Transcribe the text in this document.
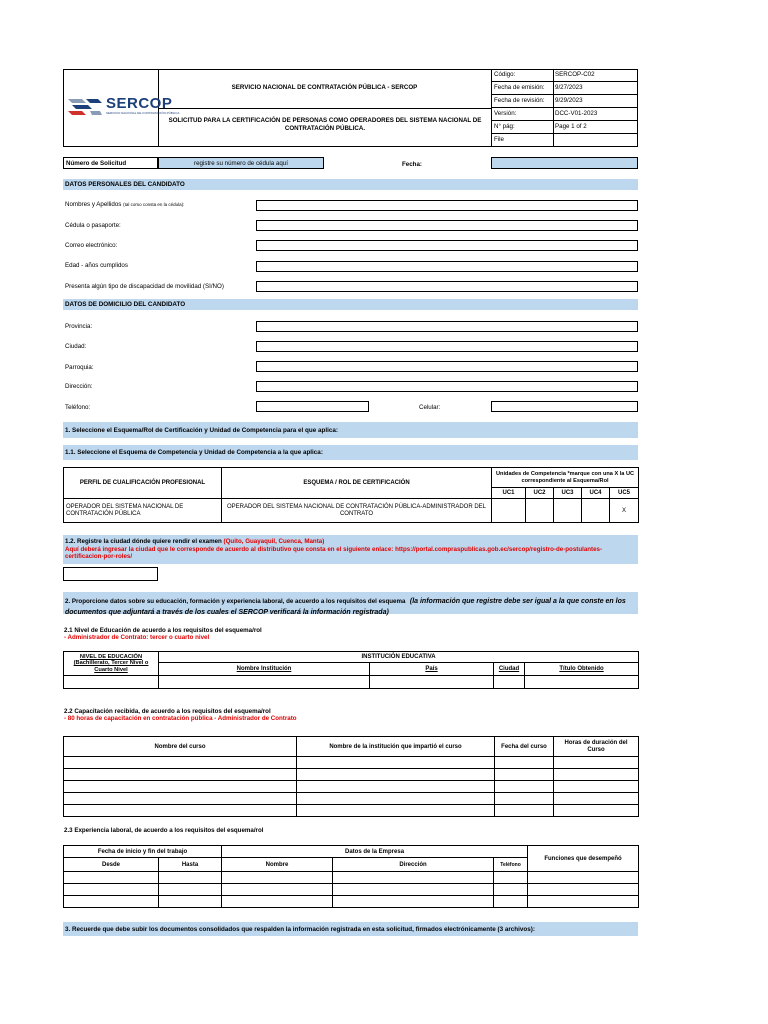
SERCOP
SERVICIO NACIONAL DE CONTRATACIÓN PÚBLICA
SERVICIO NACIONAL DE CONTRATACIÓN PÚBLICA - SERCOP
SOLICITUD PARA LA CERTIFICACIÓN DE PERSONAS COMO OPERADORES DEL SISTEMA NACIONAL DE CONTRATACIÓN PÚBLICA.
Código:	SERCOP-C02
Fecha de emisión: 9/27/2023
Fecha de revisión: 9/29/2023
Versión:	DCC-V01-2023
N° pág:	Page 1 of 2
File
Número de Solicitud	registre su número de cédula aquí	Fecha:
DATOS PERSONALES DEL CANDIDATO
Nombres y Apellidos (tal como consta en la cédula):
Cédula o pasaporte:
Correo electrónico:
Edad - años cumplidos
Presenta algún tipo de discapacidad de movilidad (SI/NO)
DATOS DE DOMICILIO DEL CANDIDATO
Provincia:
Ciudad:
Parroquia:
Dirección:
Teléfono:	Celular:
1. Seleccione el Esquema/Rol de Certificación y Unidad de Competencia para el que aplica:
1.1. Seleccione el Esquema de Competencia y Unidad de Competencia a la que aplica:
PERFIL DE CUALIFICACIÓN PROFESIONAL	ESQUEMA / ROL DE CERTIFICACIÓN	Unidades de Competencia *marque con una X la UC correspondiente al Esquema/Rol				
		UC1	UC2	UC3	UC4	UC5
OPERADOR DEL SISTEMA NACIONAL DE CONTRATACIÓN PÚBLICA	OPERADOR DEL SISTEMA NACIONAL DE CONTRATACIÓN PÚBLICA-ADMINISTRADOR DEL CONTRATO					X
1.2. Registre la ciudad dónde quiere rendir el examen (Quito, Guayaquil, Cuenca, Manta)
Aquí deberá ingresar la ciudad que le corresponde de acuerdo al distributivo que consta en el siguiente enlace: https://portal.compraspublicas.gob.ec/sercop/registro-de-postulantes-certificacion-por-roles/
2. Proporcione datos sobre su educación, formación y experiencia laboral, de acuerdo a los requisitos del esquema (la información que registre debe ser igual a la que conste en los documentos que adjuntará a través de los cuales el SERCOP verificará la información registrada)
2.1 Nivel de Educación de acuerdo a los requisitos del esquema/rol
- Administrador de Contrato: tercer o cuarto nivel
NIVEL DE EDUCACIÓN (Bachillerato, Tercer Nivel o Cuarto Nivel	INSTITUCIÓN EDUCATIVA			
	Nombre Institución	País	Ciudad	Título Obtenido

2.2 Capacitación recibida, de acuerdo a los requisitos del esquema/rol
- 80 horas de capacitación en contratación pública - Administrador de Contrato
Nombre del curso	Nombre de la institución que impartió el curso	Fecha del curso	Horas de duración del Curso

2.3 Experiencia laboral, de acuerdo a los requisitos del esquema/rol
Fecha de inicio y fin del trabajo		Datos de la Empresa			Funciones que desempeñó
Desde	Hasta	Nombre	Dirección	Teléfono	

3. Recuerde que debe subir los documentos consolidados que respalden la información registrada en esta solicitud, firmados electrónicamente (3 archivos):
